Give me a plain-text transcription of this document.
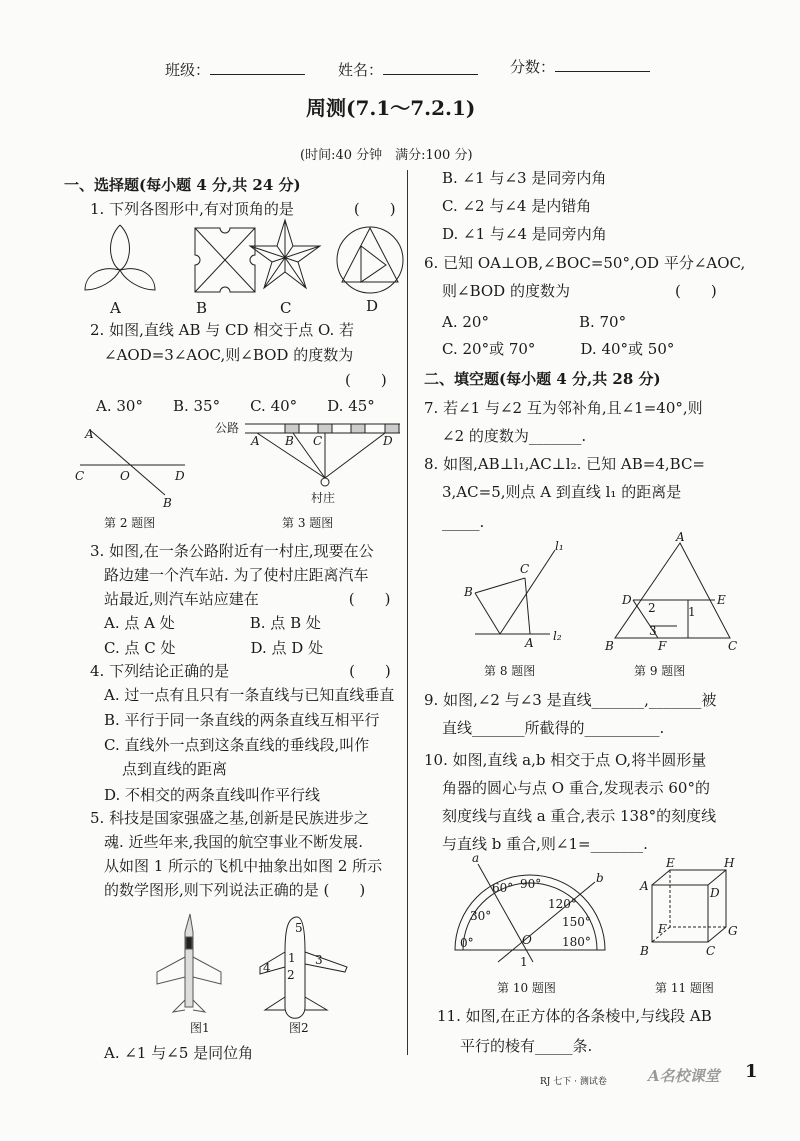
班级：	姓名：	分数：
周测(7.1～7.2.1)
(时间:40 分钟　满分:100 分)
一、选择题(每小题 4 分,共 24 分)
1. 下列各图形中,有对顶角的是　　　　(　　)
2. 如图,直线 AB 与 CD 相交于点 O. 若
∠AOD=3∠AOC,则∠BOD 的度数为
(　　)
A. 30°　　B. 35°　　C. 40°　　D. 45°
3. 如图,在一条公路附近有一村庄,现要在公
路边建一个汽车站. 为了使村庄距离汽车
站最近,则汽车站应建在　　　　　　(　　)
A. 点 A 处　　　　　B. 点 B 处
C. 点 C 处　　　　　D. 点 D 处
4. 下列结论正确的是　　　　　　　　(　　)
A. 过一点有且只有一条直线与已知直线垂直
B. 平行于同一条直线的两条直线互相平行
C. 直线外一点到这条直线的垂线段,叫作
点到直线的距离
D. 不相交的两条直线叫作平行线
5. 科技是国家强盛之基,创新是民族进步之
魂. 近些年来,我国的航空事业不断发展.
从如图 1 所示的飞机中抽象出如图 2 所示
的数学图形,则下列说法正确的是 (　　)
A. ∠1 与∠5 是同位角
B. ∠1 与∠3 是同旁内角
C. ∠2 与∠4 是内错角
D. ∠1 与∠4 是同旁内角
6. 已知 OA⊥OB,∠BOC=50°,OD 平分∠AOC,
则∠BOD 的度数为　　　　　　　(　　)
A. 20°　　　　　　B. 70°
C. 20°或 70°　　　D. 40°或 50°
二、填空题(每小题 4 分,共 28 分)
7. 若∠1 与∠2 互为邻补角,且∠1=40°,则
∠2 的度数为_______.
8. 如图,AB⊥l₁,AC⊥l₂. 已知 AB=4,BC=
3,AC=5,则点 A 到直线 l₁ 的距离是
_____.
9. 如图,∠2 与∠3 是直线_______,_______被
直线_______所截得的__________.
10. 如图,直线 a,b 相交于点 O,将半圆形量
角器的圆心与点 O 重合,发现表示 60°的
刻度线与直线 a 重合,表示 138°的刻度线
与直线 b 重合,则∠1=_______.
11. 如图,在正方体的各条棱中,与线段 AB
平行的棱有_____条.
A	B	C	D
A
C	O	D
B
第 2 题图
公路
A B C	D
村庄
第 3 题图
5
4
1
2
3
图1	图2
l₁
l₂
C
B
A
第 8 题图
A
D	E
2	1
3
B	F	C
第 9 题图
a
b
O
1
0°
30°
60° 90°
120°
150°
180°
第 10 题图
E	H
A	D
F	G
B	C
第 11 题图
RJ 七下 · 测试卷	A名校课堂 1
